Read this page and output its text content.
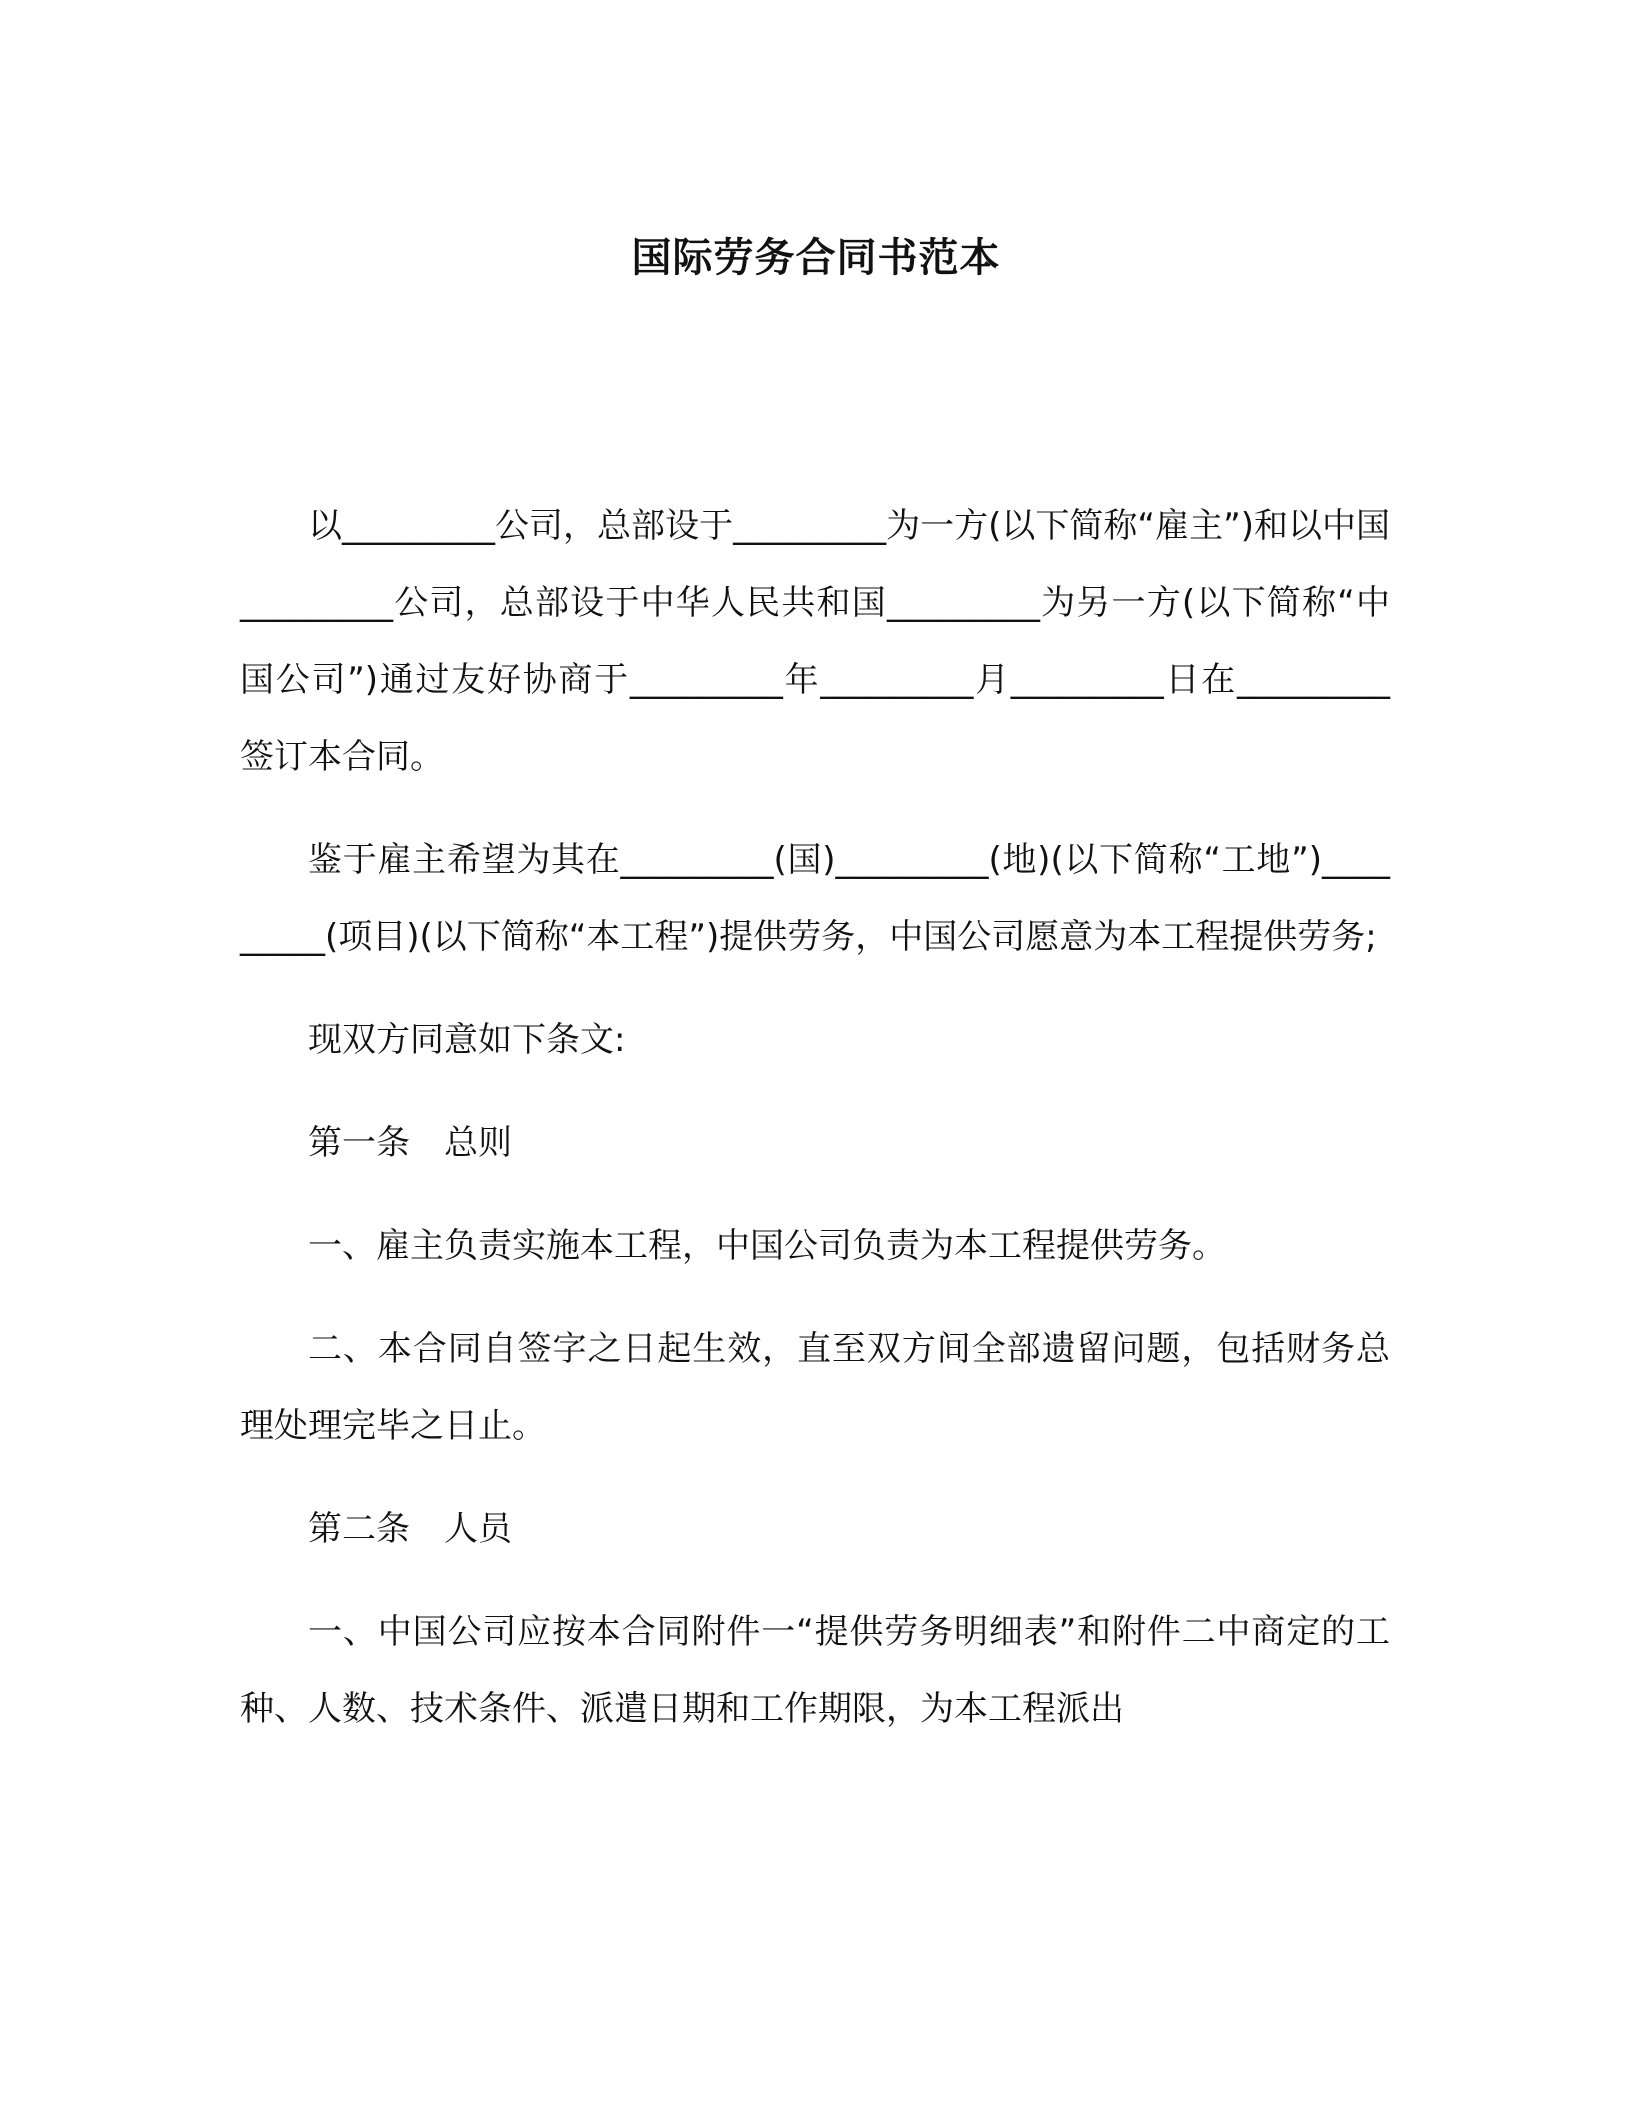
国际劳务合同书范本

以_________公司，总部设于_________为一方(以下简称“雇主”)和以中国_________公司，总部设于中华人民共和国_________为另一方(以下简称“中国公司”)通过友好协商于_________年_________月_________日在_________签订本合同。

鉴于雇主希望为其在_________(国)_________(地)(以下简称“工地”)_________(项目)(以下简称“本工程”)提供劳务，中国公司愿意为本工程提供劳务;

现双方同意如下条文:

第一条　总则

一、雇主负责实施本工程，中国公司负责为本工程提供劳务。

二、本合同自签字之日起生效，直至双方间全部遗留问题，包括财务总理处理完毕之日止。

第二条　人员

一、中国公司应按本合同附件一“提供劳务明细表”和附件二中商定的工种、人数、技术条件、派遣日期和工作期限，为本工程派出
